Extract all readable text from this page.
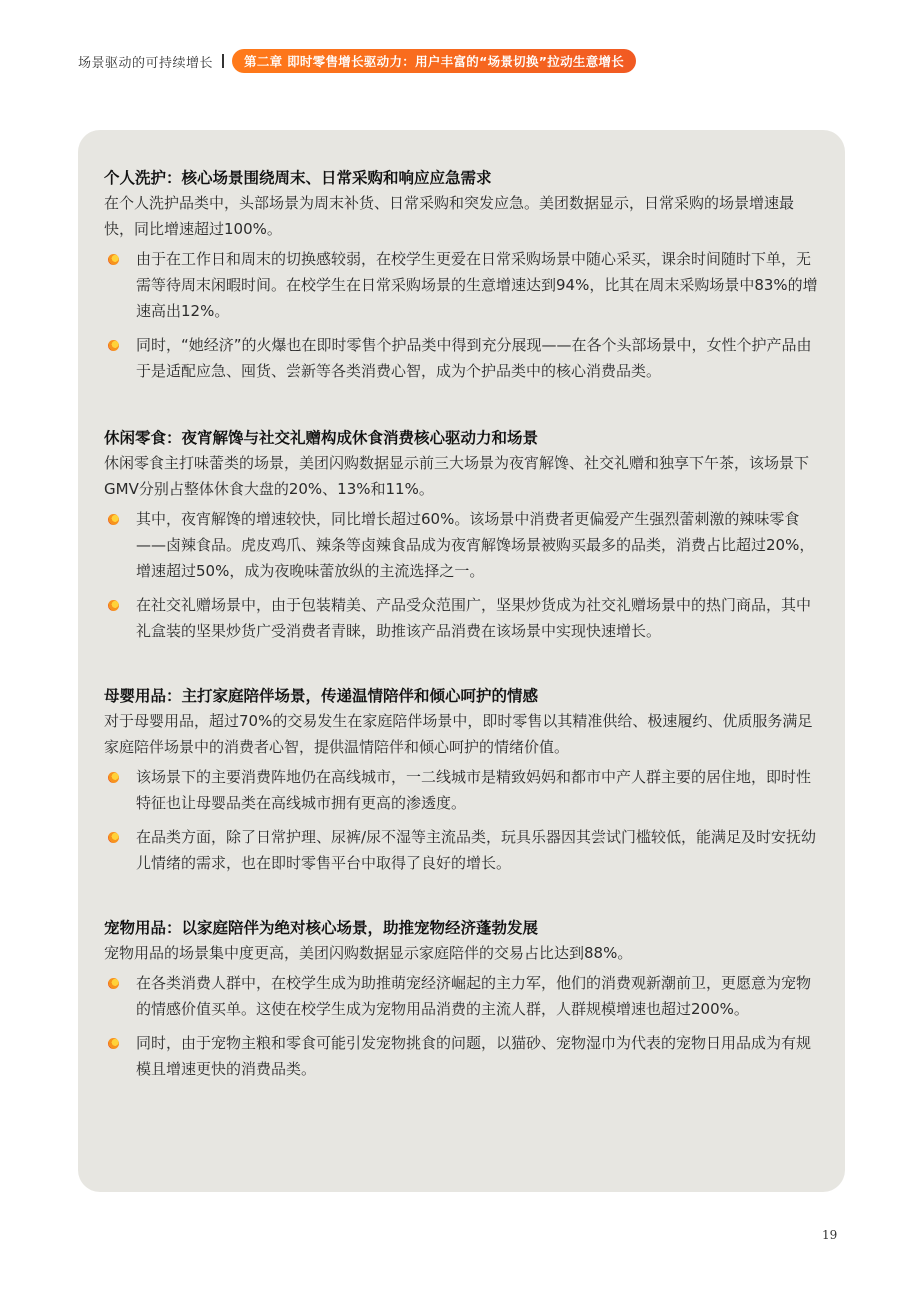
场景驱动的可持续增长	第二章 即时零售增长驱动力：用户丰富的“场景切换”拉动生意增长

个人洗护：核心场景围绕周末、日常采购和响应应急需求

在个人洗护品类中，头部场景为周末补货、日常采购和突发应急。美团数据显示，日常采购的场景增速最快，同比增速超过100%。

由于在工作日和周末的切换感较弱，在校学生更爱在日常采购场景中随心采买，课余时间随时下单，无需等待周末闲暇时间。在校学生在日常采购场景的生意增速达到94%，比其在周末采购场景中83%的增速高出12%。
同时，“她经济”的火爆也在即时零售个护品类中得到充分展现——在各个头部场景中，女性个护产品由于是适配应急、囤货、尝新等各类消费心智，成为个护品类中的核心消费品类。

休闲零食：夜宵解馋与社交礼赠构成休食消费核心驱动力和场景

休闲零食主打味蕾类的场景，美团闪购数据显示前三大场景为夜宵解馋、社交礼赠和独享下午茶，该场景下GMV分别占整体休食大盘的20%、13%和11%。

其中，夜宵解馋的增速较快，同比增长超过60%。该场景中消费者更偏爱产生强烈蕾刺激的辣味零食——卤辣食品。虎皮鸡爪、辣条等卤辣食品成为夜宵解馋场景被购买最多的品类，消费占比超过20%，增速超过50%，成为夜晚味蕾放纵的主流选择之一。
在社交礼赠场景中，由于包装精美、产品受众范围广，坚果炒货成为社交礼赠场景中的热门商品，其中礼盒装的坚果炒货广受消费者青睐，助推该产品消费在该场景中实现快速增长。

母婴用品：主打家庭陪伴场景，传递温情陪伴和倾心呵护的情感

对于母婴用品，超过70%的交易发生在家庭陪伴场景中，即时零售以其精准供给、极速履约、优质服务满足家庭陪伴场景中的消费者心智，提供温情陪伴和倾心呵护的情绪价值。

该场景下的主要消费阵地仍在高线城市，一二线城市是精致妈妈和都市中产人群主要的居住地，即时性特征也让母婴品类在高线城市拥有更高的渗透度。
在品类方面，除了日常护理、尿裤/尿不湿等主流品类，玩具乐器因其尝试门槛较低，能满足及时安抚幼儿情绪的需求，也在即时零售平台中取得了良好的增长。

宠物用品：以家庭陪伴为绝对核心场景，助推宠物经济蓬勃发展

宠物用品的场景集中度更高，美团闪购数据显示家庭陪伴的交易占比达到88%。

在各类消费人群中，在校学生成为助推萌宠经济崛起的主力军，他们的消费观新潮前卫，更愿意为宠物的情感价值买单。这使在校学生成为宠物用品消费的主流人群，人群规模增速也超过200%。
同时，由于宠物主粮和零食可能引发宠物挑食的问题，以猫砂、宠物湿巾为代表的宠物日用品成为有规模且增速更快的消费品类。
19
